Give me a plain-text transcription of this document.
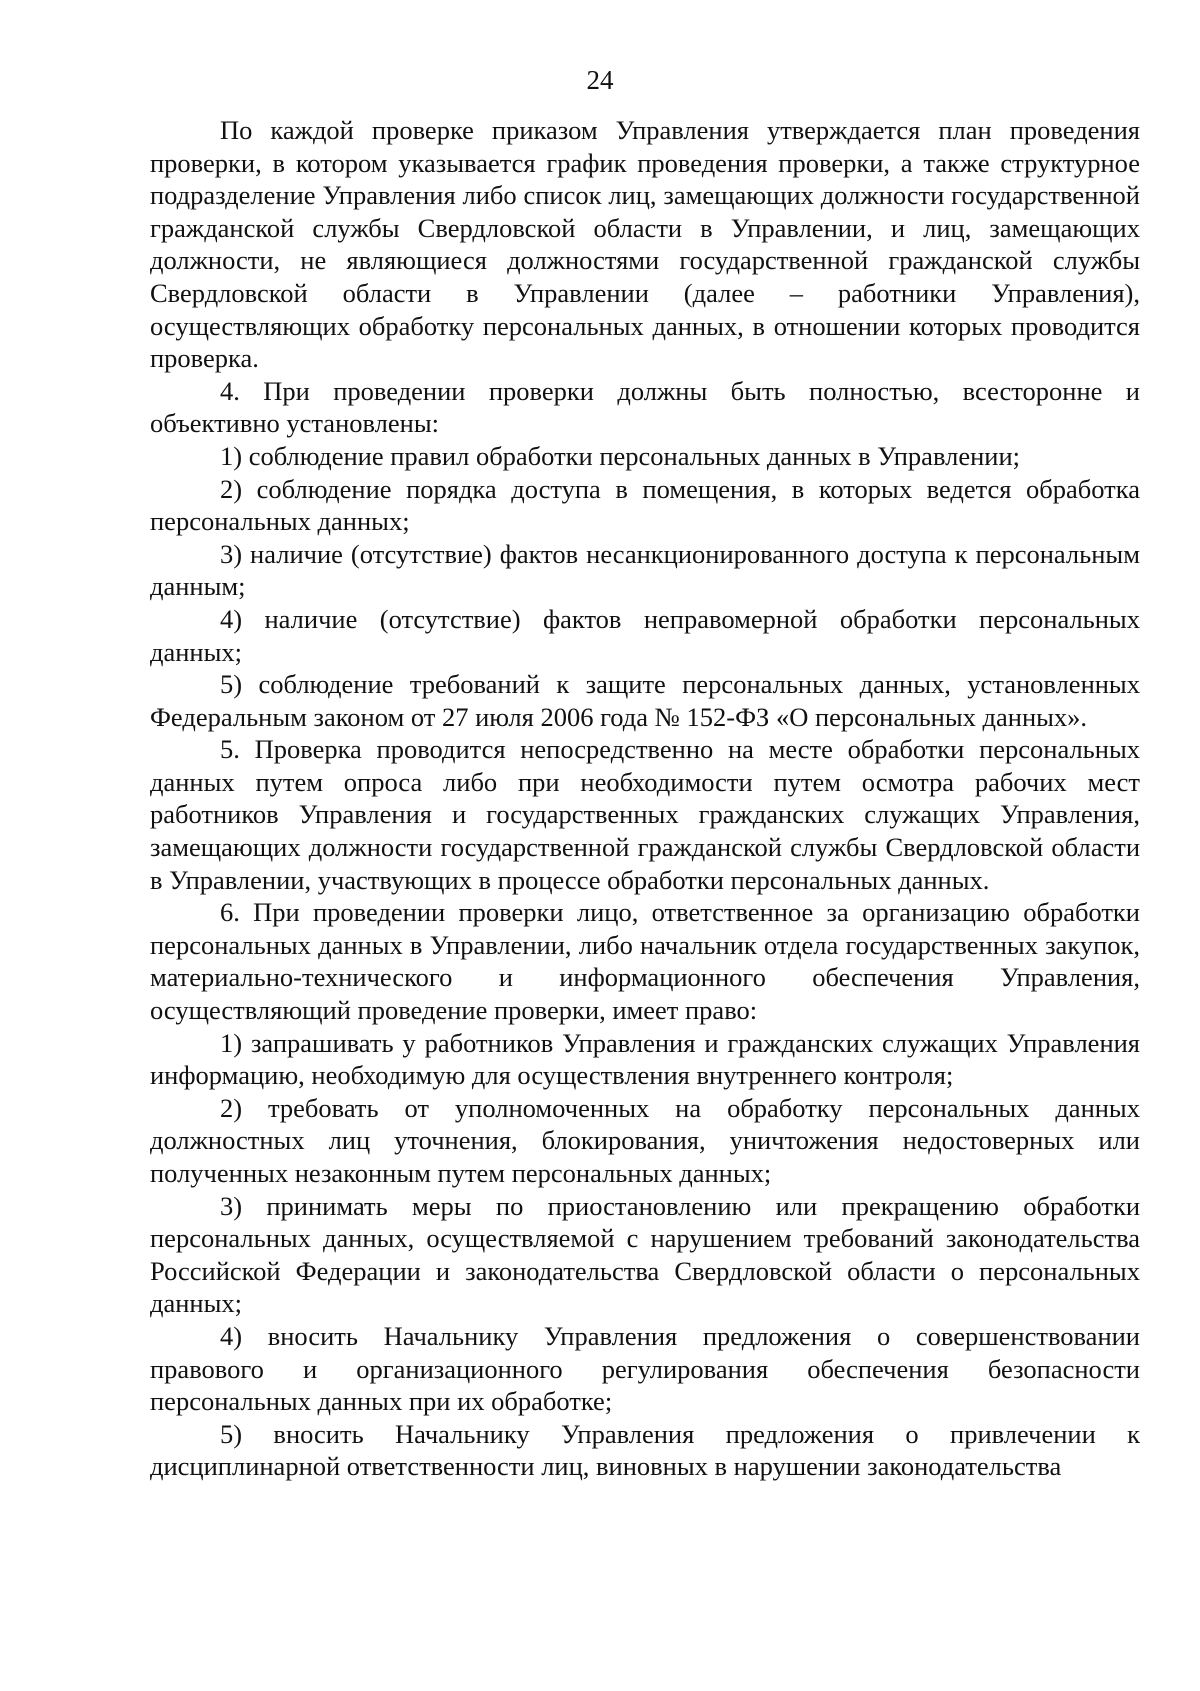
24

По каждой проверке приказом Управления утверждается план проведения проверки, в котором указывается график проведения проверки, а также структурное подразделение Управления либо список лиц, замещающих должности государственной гражданской службы Свердловской области в Управлении, и лиц, замещающих должности, не являющиеся должностями государственной гражданской службы Свердловской области в Управлении (далее – работники Управления), осуществляющих обработку персональных данных, в отношении которых проводится проверка.

4. При проведении проверки должны быть полностью, всесторонне и объективно установлены:

1) соблюдение правил обработки персональных данных в Управлении;

2) соблюдение порядка доступа в помещения, в которых ведется обработка персональных данных;

3) наличие (отсутствие) фактов несанкционированного доступа к персональным данным;

4) наличие (отсутствие) фактов неправомерной обработки персональных данных;

5) соблюдение требований к защите персональных данных, установленных Федеральным законом от 27 июля 2006 года № 152-ФЗ «О персональных данных».

5. Проверка проводится непосредственно на месте обработки персональных данных путем опроса либо при необходимости путем осмотра рабочих мест работников Управления и государственных гражданских служащих Управления, замещающих должности государственной гражданской службы Свердловской области в Управлении, участвующих в процессе обработки персональных данных.

6. При проведении проверки лицо, ответственное за организацию обработки персональных данных в Управлении, либо начальник отдела государственных закупок, материально-технического и информационного обеспечения Управления, осуществляющий проведение проверки, имеет право:

1) запрашивать у работников Управления и гражданских служащих Управления информацию, необходимую для осуществления внутреннего контроля;

2) требовать от уполномоченных на обработку персональных данных должностных лиц уточнения, блокирования, уничтожения недостоверных или полученных незаконным путем персональных данных;

3) принимать меры по приостановлению или прекращению обработки персональных данных, осуществляемой с нарушением требований законодательства Российской Федерации и законодательства Свердловской области о персональных данных;

4) вносить Начальнику Управления предложения о совершенствовании правового и организационного регулирования обеспечения безопасности персональных данных при их обработке;

5) вносить Начальнику Управления предложения о привлечении к дисциплинарной ответственности лиц, виновных в нарушении законодательства
